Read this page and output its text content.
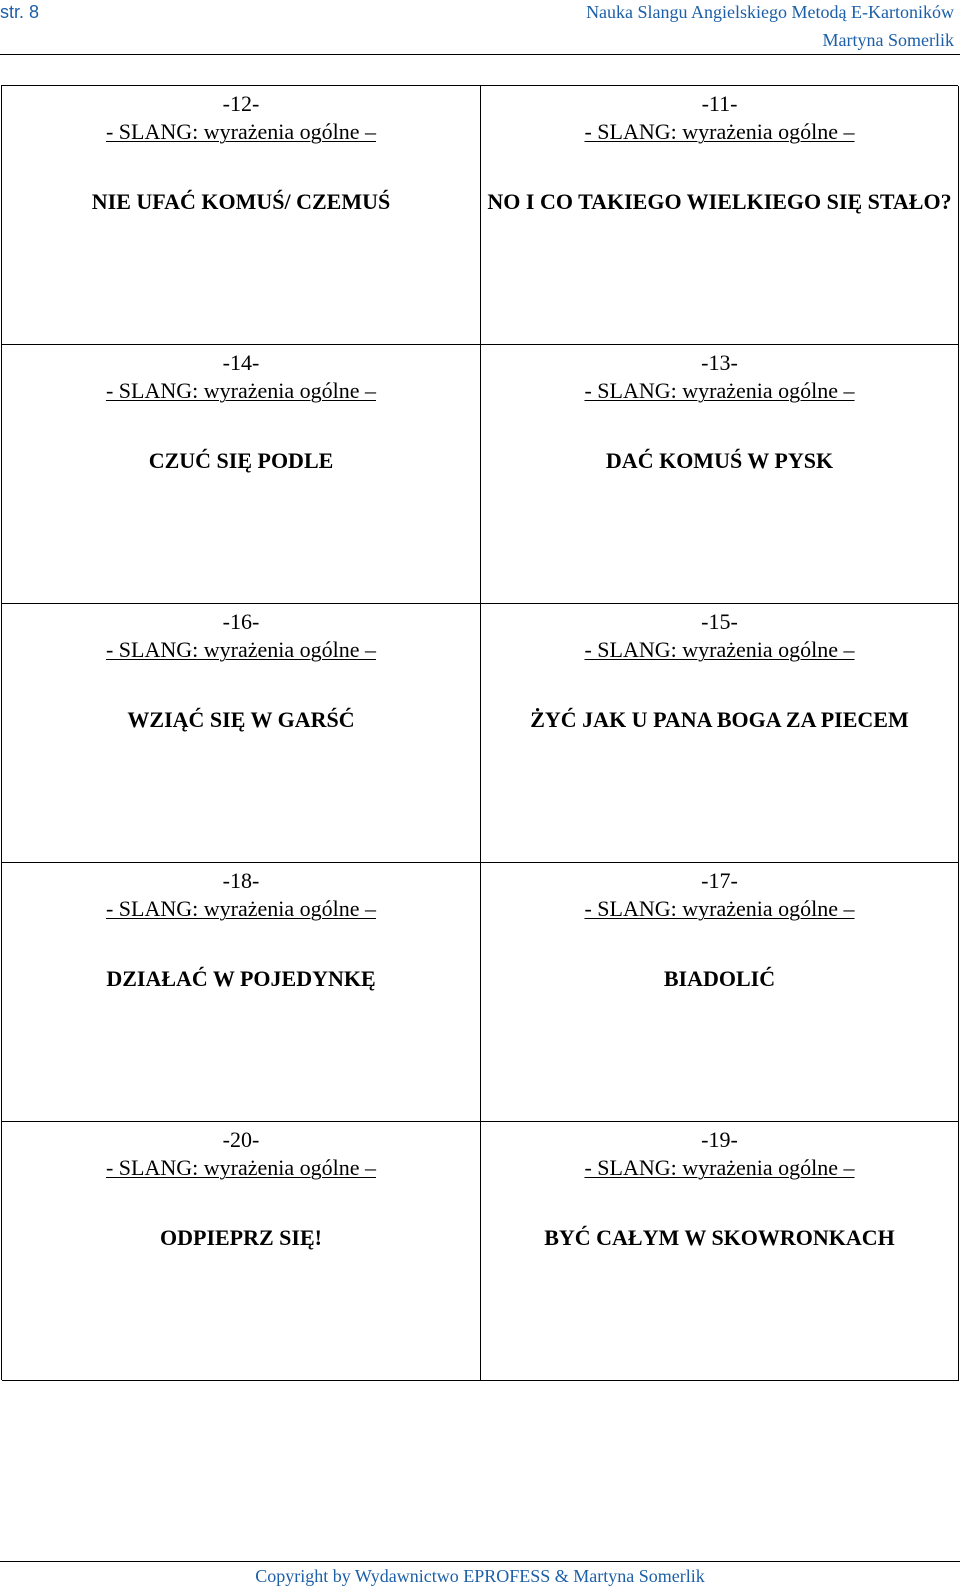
str. 8	Nauka Slangu Angielskiego Metodą E-Kartoników
Martyna Somerlik
-12-
- SLANG: wyrażenia ogólne –
NIE UFAĆ KOMUŚ/ CZEMUŚ
-11-
- SLANG: wyrażenia ogólne –
NO I CO TAKIEGO WIELKIEGO SIĘ STAŁO?
-14-
- SLANG: wyrażenia ogólne –
CZUĆ SIĘ PODLE
-13-
- SLANG: wyrażenia ogólne –
DAĆ KOMUŚ W PYSK
-16-
- SLANG: wyrażenia ogólne –
WZIĄĆ SIĘ W GARŚĆ
-15-
- SLANG: wyrażenia ogólne –
ŻYĆ JAK U PANA BOGA ZA PIECEM
-18-
- SLANG: wyrażenia ogólne –
DZIAŁAĆ W POJEDYNKĘ
-17-
- SLANG: wyrażenia ogólne –
BIADOLIĆ
-20-
- SLANG: wyrażenia ogólne –
ODPIEPRZ SIĘ!
-19-
- SLANG: wyrażenia ogólne –
BYĆ CAŁYM W SKOWRONKACH
Copyright by Wydawnictwo EPROFESS & Martyna Somerlik
